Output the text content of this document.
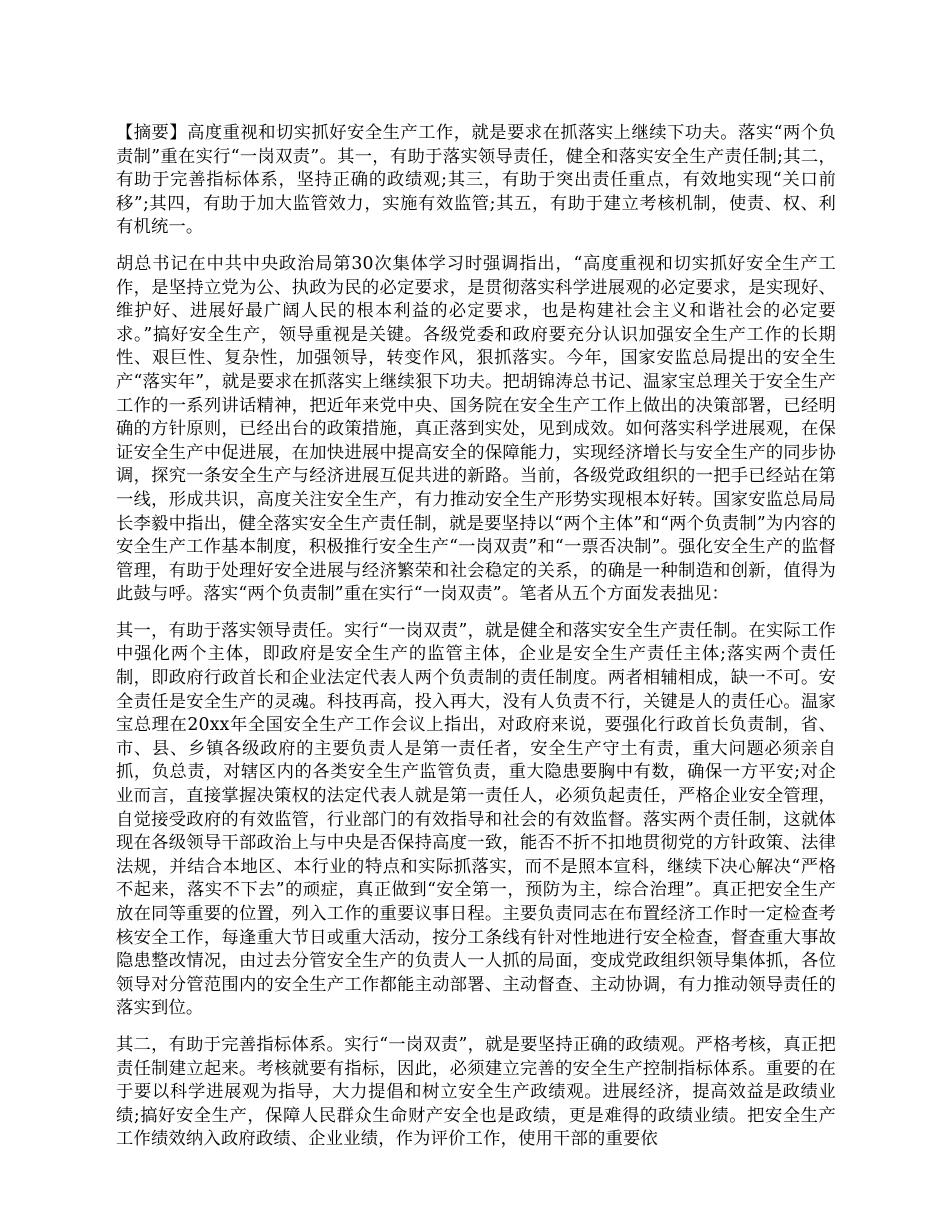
【摘要】高度重视和切实抓好安全生产工作，就是要求在抓落实上继续下功夫。落实“两个负责制”重在实行“一岗双责”。其一，有助于落实领导责任，健全和落实安全生产责任制;其二，有助于完善指标体系，坚持正确的政绩观;其三，有助于突出责任重点，有效地实现“关口前移”;其四，有助于加大监管效力，实施有效监管;其五，有助于建立考核机制，使责、权、利有机统一。

胡总书记在中共中央政治局第30次集体学习时强调指出，“高度重视和切实抓好安全生产工作，是坚持立党为公、执政为民的必定要求，是贯彻落实科学进展观的必定要求，是实现好、维护好、进展好最广阔人民的根本利益的必定要求，也是构建社会主义和谐社会的必定要求。”搞好安全生产，领导重视是关键。各级党委和政府要充分认识加强安全生产工作的长期性、艰巨性、复杂性，加强领导，转变作风，狠抓落实。今年，国家安监总局提出的安全生产“落实年”，就是要求在抓落实上继续狠下功夫。把胡锦涛总书记、温家宝总理关于安全生产工作的一系列讲话精神，把近年来党中央、国务院在安全生产工作上做出的决策部署，已经明确的方针原则，已经出台的政策措施，真正落到实处，见到成效。如何落实科学进展观，在保证安全生产中促进展，在加快进展中提高安全的保障能力，实现经济增长与安全生产的同步协调，探究一条安全生产与经济进展互促共进的新路。当前，各级党政组织的一把手已经站在第一线，形成共识，高度关注安全生产，有力推动安全生产形势实现根本好转。国家安监总局局长李毅中指出，健全落实安全生产责任制，就是要坚持以“两个主体”和“两个负责制”为内容的安全生产工作基本制度，积极推行安全生产“一岗双责”和“一票否决制”。强化安全生产的监督管理，有助于处理好安全进展与经济繁荣和社会稳定的关系，的确是一种制造和创新，值得为此鼓与呼。落实“两个负责制”重在实行“一岗双责”。笔者从五个方面发表拙见：

其一，有助于落实领导责任。实行“一岗双责”，就是健全和落实安全生产责任制。在实际工作中强化两个主体，即政府是安全生产的监管主体，企业是安全生产责任主体;落实两个责任制，即政府行政首长和企业法定代表人两个负责制的责任制度。两者相辅相成，缺一不可。安全责任是安全生产的灵魂。科技再高，投入再大，没有人负责不行，关键是人的责任心。温家宝总理在20xx年全国安全生产工作会议上指出，对政府来说，要强化行政首长负责制，省、市、县、乡镇各级政府的主要负责人是第一责任者，安全生产守土有责，重大问题必须亲自抓，负总责，对辖区内的各类安全生产监管负责，重大隐患要胸中有数，确保一方平安;对企业而言，直接掌握决策权的法定代表人就是第一责任人，必须负起责任，严格企业安全管理，自觉接受政府的有效监管，行业部门的有效指导和社会的有效监督。落实两个责任制，这就体现在各级领导干部政治上与中央是否保持高度一致，能否不折不扣地贯彻党的方针政策、法律法规，并结合本地区、本行业的特点和实际抓落实，而不是照本宣科，继续下决心解决“严格不起来，落实不下去”的顽症，真正做到“安全第一，预防为主，综合治理”。真正把安全生产放在同等重要的位置，列入工作的重要议事日程。主要负责同志在布置经济工作时一定检查考核安全工作，每逢重大节日或重大活动，按分工条线有针对性地进行安全检查，督查重大事故隐患整改情况，由过去分管安全生产的负责人一人抓的局面，变成党政组织领导集体抓，各位领导对分管范围内的安全生产工作都能主动部署、主动督查、主动协调，有力推动领导责任的落实到位。

其二，有助于完善指标体系。实行“一岗双责”，就是要坚持正确的政绩观。严格考核，真正把责任制建立起来。考核就要有指标，因此，必须建立完善的安全生产控制指标体系。重要的在于要以科学进展观为指导，大力提倡和树立安全生产政绩观。进展经济，提高效益是政绩业绩;搞好安全生产，保障人民群众生命财产安全也是政绩，更是难得的政绩业绩。把安全生产工作绩效纳入政府政绩、企业业绩，作为评价工作，使用干部的重要依
